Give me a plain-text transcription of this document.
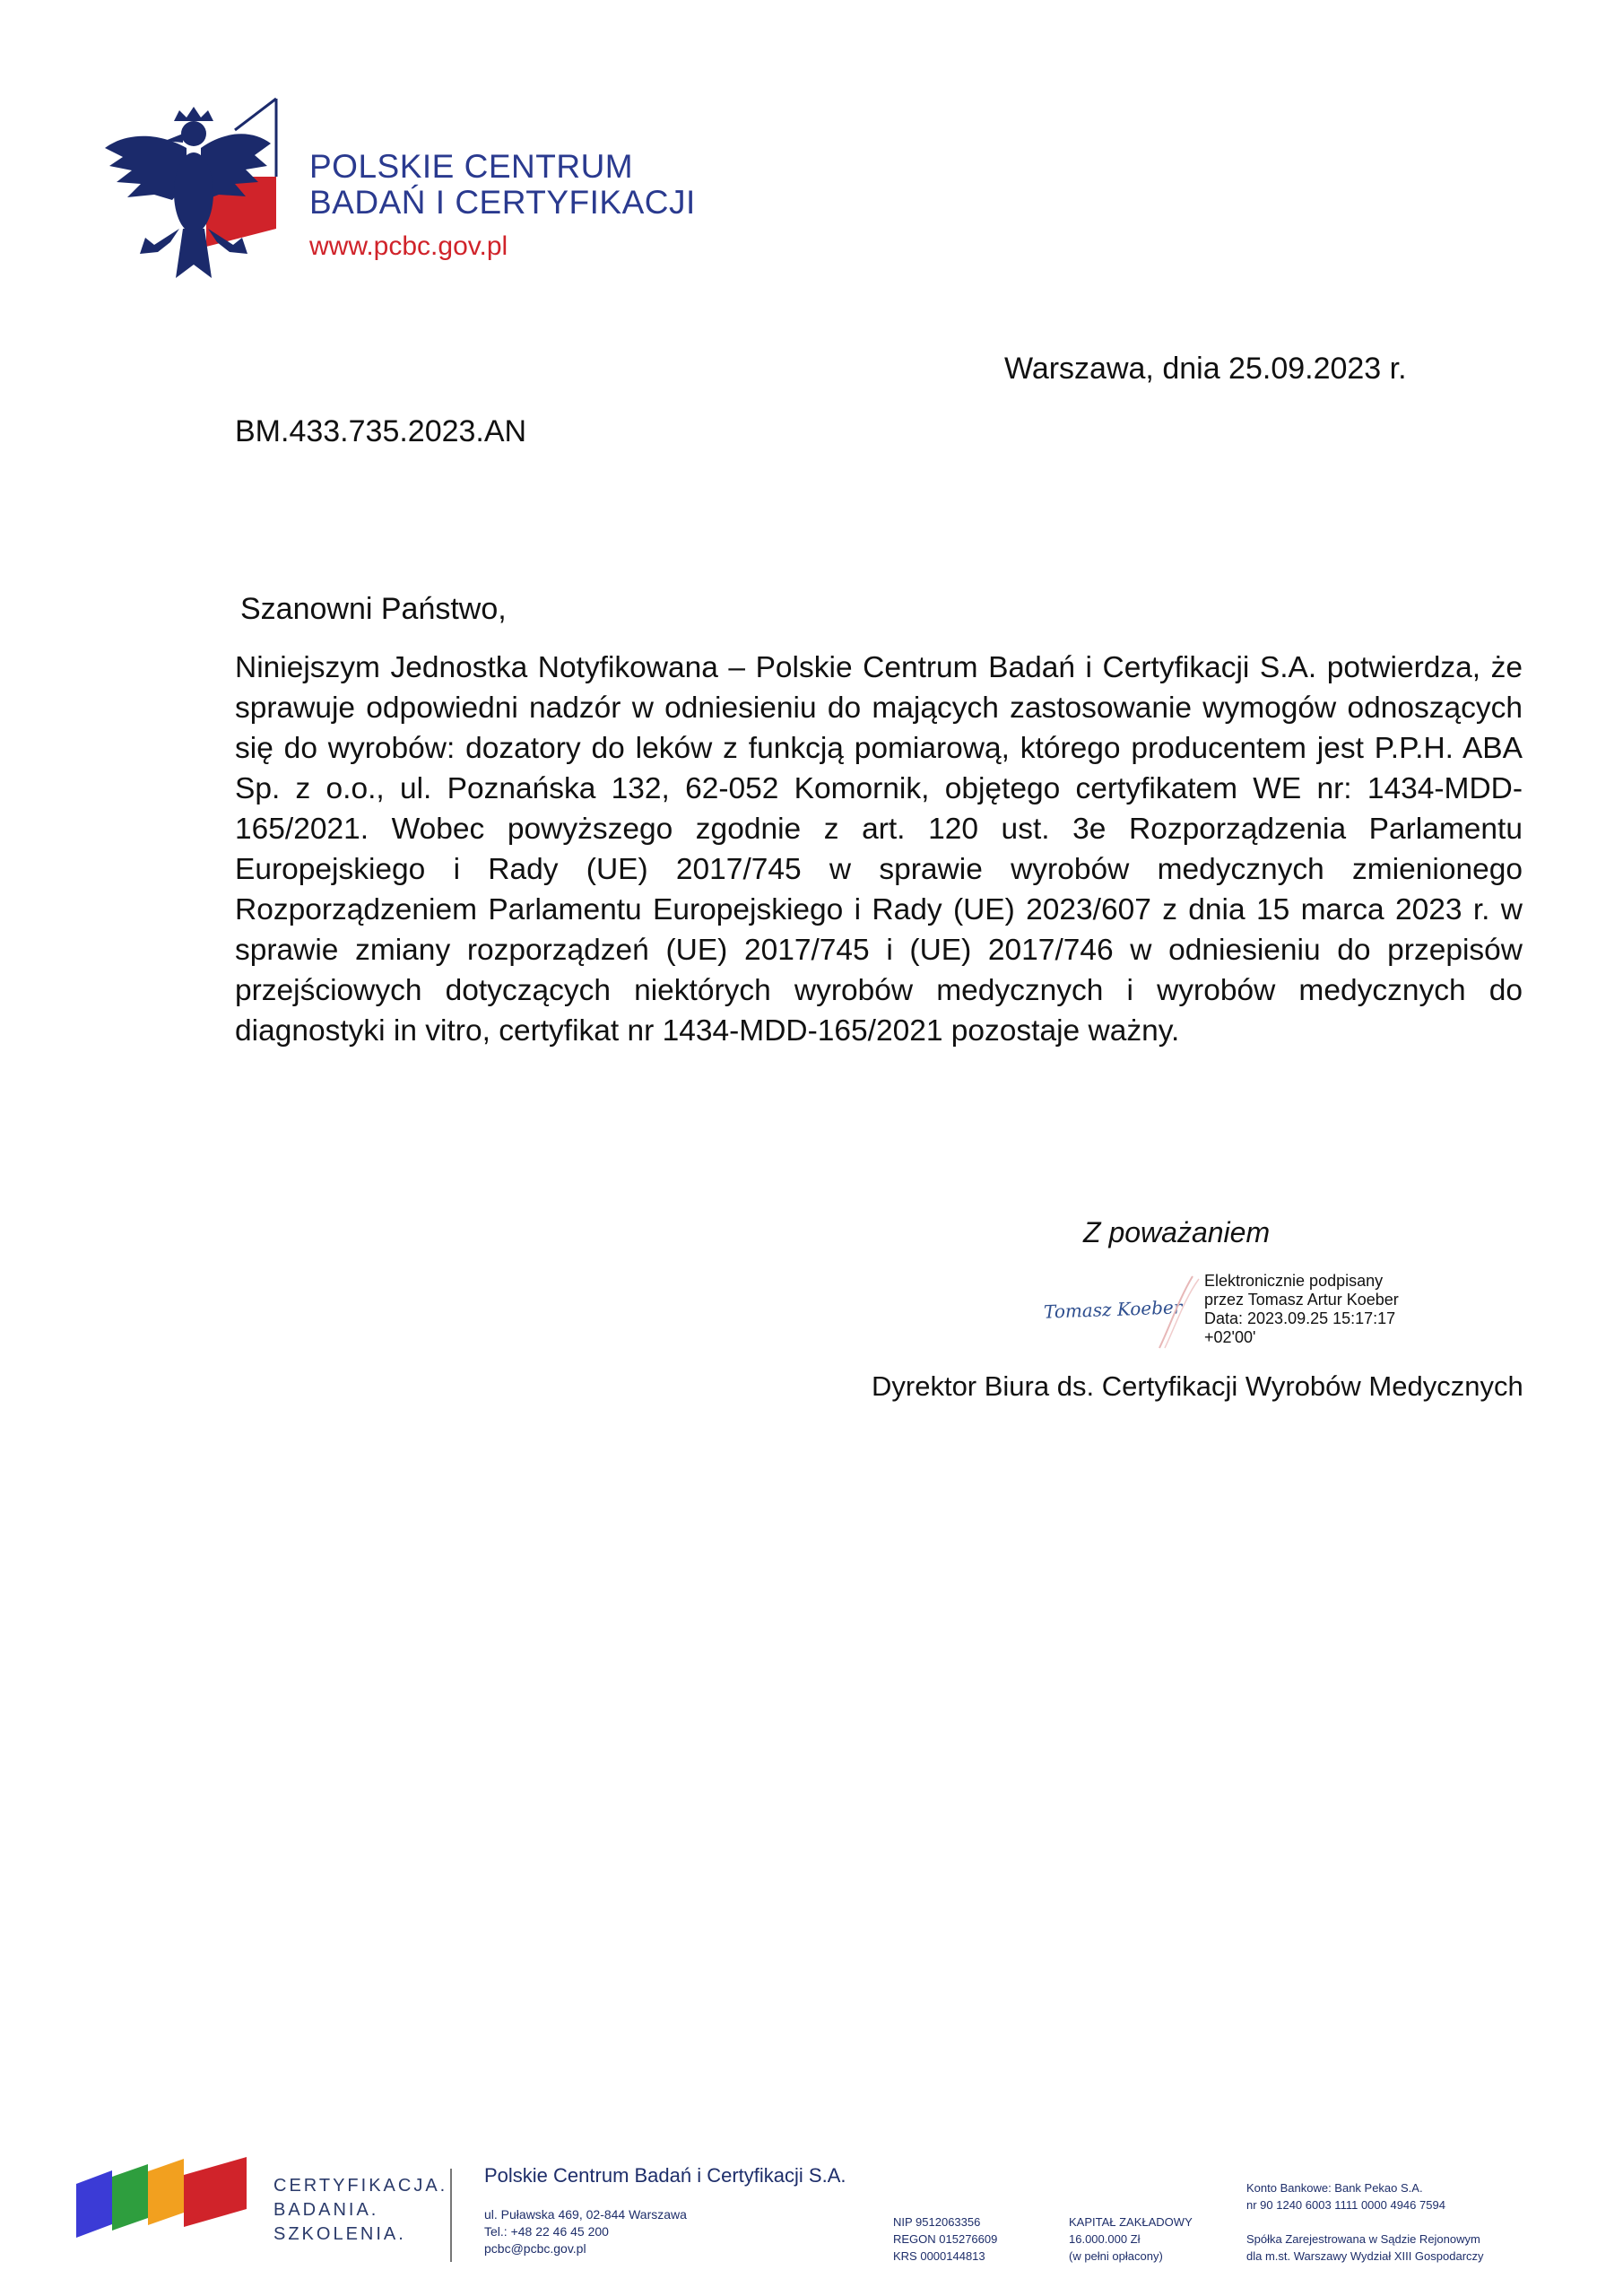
POLSKIE CENTRUM
BADAŃ I CERTYFIKACJI
www.pcbc.gov.pl
Warszawa, dnia 25.09.2023 r.
BM.433.735.2023.AN
Szanowni Państwo,
Niniejszym Jednostka Notyfikowana – Polskie Centrum Badań i Certyfikacji S.A. potwierdza, że sprawuje odpowiedni nadzór w odniesieniu do mających zastosowanie wymogów odnoszących się do wyrobów: dozatory do leków z funkcją pomiarową, którego producentem jest P.P.H. ABA Sp. z o.o., ul. Poznańska 132, 62-052 Komornik, objętego certyfikatem WE nr: 1434-MDD-165/2021. Wobec powyższego zgodnie z art. 120 ust. 3e Rozporządzenia Parlamentu Europejskiego i Rady (UE) 2017/745 w sprawie wyrobów medycznych zmienionego Rozporządzeniem Parlamentu Europejskiego i Rady (UE) 2023/607 z dnia 15 marca 2023 r. w sprawie zmiany rozporządzeń (UE) 2017/745 i (UE) 2017/746 w odniesieniu do przepisów przejściowych dotyczących niektórych wyrobów medycznych i wyrobów medycznych do diagnostyki in vitro, certyfikat nr 1434-MDD-165/2021 pozostaje ważny.
Z poważaniem
Tomasz Koeber
Elektronicznie podpisany
przez Tomasz Artur Koeber
Data: 2023.09.25 15:17:17
+02'00'
Dyrektor Biura ds. Certyfikacji Wyrobów Medycznych
CERTYFIKACJA.
BADANIA.
SZKOLENIA.
Polskie Centrum Badań i Certyfikacji S.A.
ul. Puławska 469, 02-844 Warszawa
Tel.: +48 22 46 45 200
pcbc@pcbc.gov.pl
NIP 9512063356
REGON 015276609
KRS 0000144813
KAPITAŁ ZAKŁADOWY
16.000.000 Zł
(w pełni opłacony)
Konto Bankowe: Bank Pekao S.A.
nr 90 1240 6003 1111 0000 4946 7594
Spółka Zarejestrowana w Sądzie Rejonowym
dla m.st. Warszawy Wydział XIII Gospodarczy
